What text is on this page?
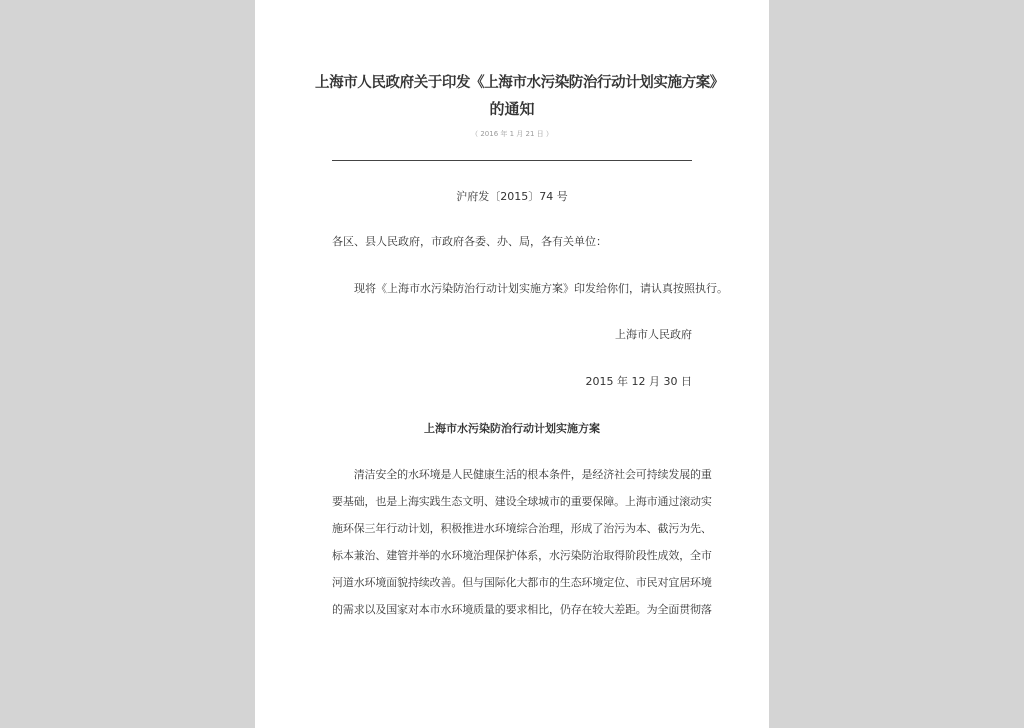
上海市人民政府关于印发《上海市水污染防治行动计划实施方案》
的通知
（ 2016 年 1 月 21 日 ）
沪府发〔2015〕74 号
各区、县人民政府，市政府各委、办、局，各有关单位：
现将《上海市水污染防治行动计划实施方案》印发给你们，请认真按照执行。
上海市人民政府
2015 年 12 月 30 日
上海市水污染防治行动计划实施方案
　　清洁安全的水环境是人民健康生活的根本条件，是经济社会可持续发展的重
要基础，也是上海实践生态文明、建设全球城市的重要保障。上海市通过滚动实
施环保三年行动计划，积极推进水环境综合治理，形成了治污为本、截污为先、
标本兼治、建管并举的水环境治理保护体系，水污染防治取得阶段性成效，全市
河道水环境面貌持续改善。但与国际化大都市的生态环境定位、市民对宜居环境
的需求以及国家对本市水环境质量的要求相比，仍存在较大差距。为全面贯彻落
